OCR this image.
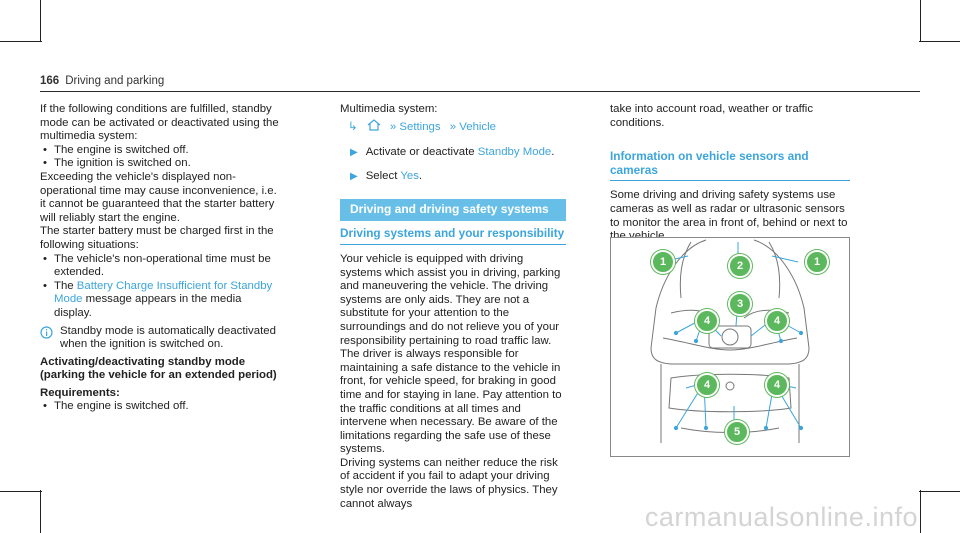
166 Driving and parking

If the following conditions are fulfilled, standby mode can be activated or deactivated using the multimedia system:

• The engine is switched off.

• The ignition is switched on.

Exceeding the vehicle's displayed non-operational time may cause inconvenience, i.e. it cannot be guaranteed that the starter battery will reliably start the engine.

The starter battery must be charged first in the following situations:

• The vehicle's non-operational time must be extended.

• The Battery Charge Insufficient for Standby Mode message appears in the media display.

Standby mode is automatically deactivated when the ignition is switched on.

Activating/deactivating standby mode (parking the vehicle for an extended period)

Requirements:

• The engine is switched off.

Multimedia system:

↳	» Settings » Vehicle

▶ Activate or deactivate Standby Mode.

▶ Select Yes.

Driving and driving safety systems

Driving systems and your responsibility

Your vehicle is equipped with driving systems which assist you in driving, parking and maneuvering the vehicle. The driving systems are only aids. They are not a substitute for your attention to the surroundings and do not relieve you of your responsibility pertaining to road traffic law. The driver is always responsible for maintaining a safe distance to the vehicle in front, for vehicle speed, for braking in good time and for staying in lane. Pay attention to the traffic conditions at all times and intervene when necessary. Be aware of the limitations regarding the safe use of these systems.

Driving systems can neither reduce the risk of accident if you fail to adapt your driving style nor override the laws of physics. They cannot always

take into account road, weather or traffic conditions.

Information on vehicle sensors and cameras

Some driving and driving safety systems use cameras as well as radar or ultrasonic sensors to monitor the area in front of, behind or next to

1	2	1
3
4	4
4	4
5
carmanualsonline.info
